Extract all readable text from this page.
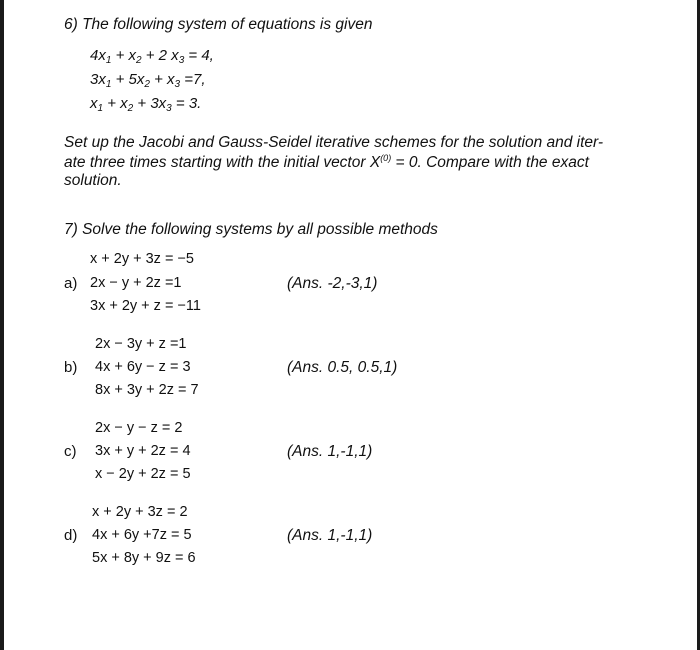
6) The following system of equations is given
$4x_1 + x_2 + 2$ $x_3 = 4$,
$3x_1 + 5x_2 + x_3 =7$,
$x_1 + x_2 + 3x_3 = 3$.
Set up the Jacobi and Gauss-Seidel iterative schemes for the solution and iter-
ate three times starting with the initial vector $X^{(0)} = 0$. Compare with the exact
solution.
7) Solve the following systems by all possible methods
x + 2y + 3z = −5
a) 2x − y + 2z =1
3x + 2y + z = −11
(Ans. -2,-3,1)
2x − 3y + z =1
b) 4x + 6y − z = 3
8x + 3y + 2z = 7
(Ans. 0.5, 0.5,1)
2x − y − z = 2
c) 3x + y + 2z = 4
x − 2y + 2z = 5
(Ans. 1,-1,1)
x + 2y + 3z = 2
d) 4x + 6y +7z = 5
5x + 8y + 9z = 6
(Ans. 1,-1,1)
